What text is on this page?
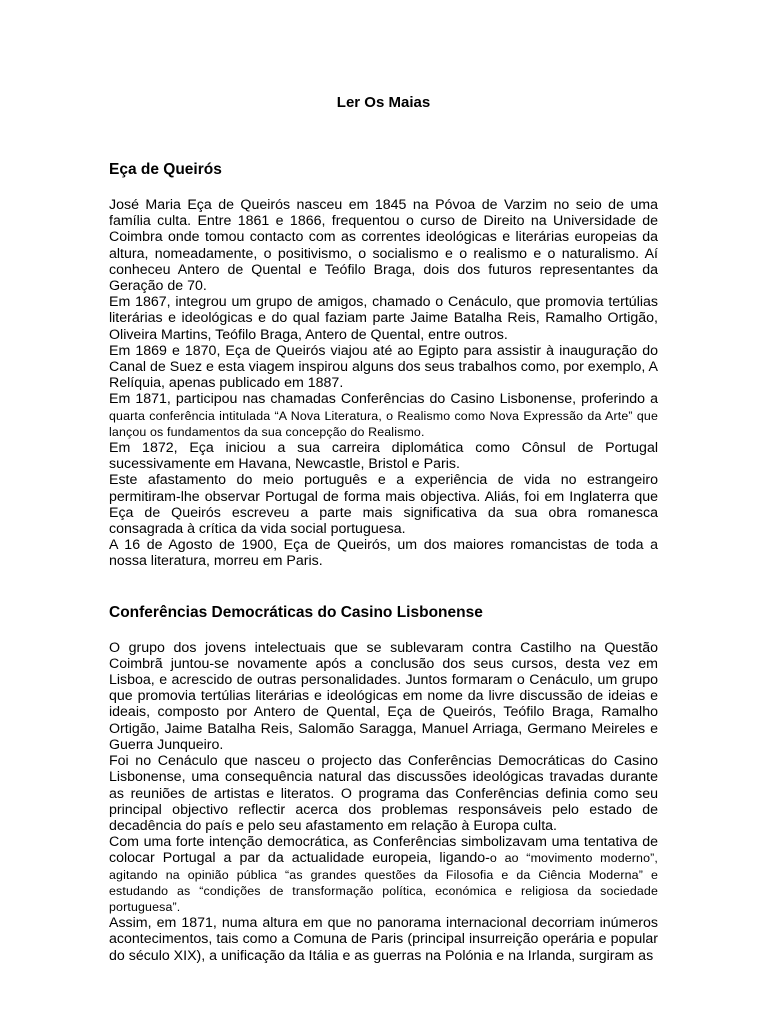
Ler Os Maias
Eça de Queirós

José Maria Eça de Queirós nasceu em 1845 na Póvoa de Varzim no seio de uma família culta. Entre 1861 e 1866, frequentou o curso de Direito na Universidade de Coimbra onde tomou contacto com as correntes ideológicas e literárias europeias da altura, nomeadamente, o positivismo, o socialismo e o realismo e o naturalismo. Aí conheceu Antero de Quental e Teófilo Braga, dois dos futuros representantes da Geração de 70.

Em 1867, integrou um grupo de amigos, chamado o Cenáculo, que promovia tertúlias literárias e ideológicas e do qual faziam parte Jaime Batalha Reis, Ramalho Ortigão, Oliveira Martins, Teófilo Braga, Antero de Quental, entre outros.

Em 1869 e 1870, Eça de Queirós viajou até ao Egipto para assistir à inauguração do Canal de Suez e esta viagem inspirou alguns dos seus trabalhos como, por exemplo, A Relíquia, apenas publicado em 1887.

Em 1871, participou nas chamadas Conferências do Casino Lisbonense, proferindo a quarta conferência intitulada “A Nova Literatura, o Realismo como Nova Expressão da Arte” que lançou os fundamentos da sua concepção do Realismo.

Em 1872, Eça iniciou a sua carreira diplomática como Cônsul de Portugal sucessivamente em Havana, Newcastle, Bristol e Paris.

Este afastamento do meio português e a experiência de vida no estrangeiro permitiram-lhe observar Portugal de forma mais objectiva. Aliás, foi em Inglaterra que Eça de Queirós escreveu a parte mais significativa da sua obra romanesca consagrada à crítica da vida social portuguesa.

A 16 de Agosto de 1900, Eça de Queirós, um dos maiores romancistas de toda a nossa literatura, morreu em Paris.

Conferências Democráticas do Casino Lisbonense

O grupo dos jovens intelectuais que se sublevaram contra Castilho na Questão Coimbrã juntou-se novamente após a conclusão dos seus cursos, desta vez em Lisboa, e acrescido de outras personalidades. Juntos formaram o Cenáculo, um grupo que promovia tertúlias literárias e ideológicas em nome da livre discussão de ideias e ideais, composto por Antero de Quental, Eça de Queirós, Teófilo Braga, Ramalho Ortigão, Jaime Batalha Reis, Salomão Saragga, Manuel Arriaga, Germano Meireles e Guerra Junqueiro.

Foi no Cenáculo que nasceu o projecto das Conferências Democráticas do Casino Lisbonense, uma consequência natural das discussões ideológicas travadas durante as reuniões de artistas e literatos. O programa das Conferências definia como seu principal objectivo reflectir acerca dos problemas responsáveis pelo estado de decadência do país e pelo seu afastamento em relação à Europa culta.

Com uma forte intenção democrática, as Conferências simbolizavam uma tentativa de colocar Portugal a par da actualidade europeia, ligando-o ao “movimento moderno”, agitando na opinião pública “as grandes questões da Filosofia e da Ciência Moderna” e estudando as “condições de transformação política, económica e religiosa da sociedade portuguesa”.

Assim, em 1871, numa altura em que no panorama internacional decorriam inúmeros acontecimentos, tais como a Comuna de Paris (principal insurreição operária e popular do século XIX), a unificação da Itália e as guerras na Polónia e na Irlanda, surgiram as
